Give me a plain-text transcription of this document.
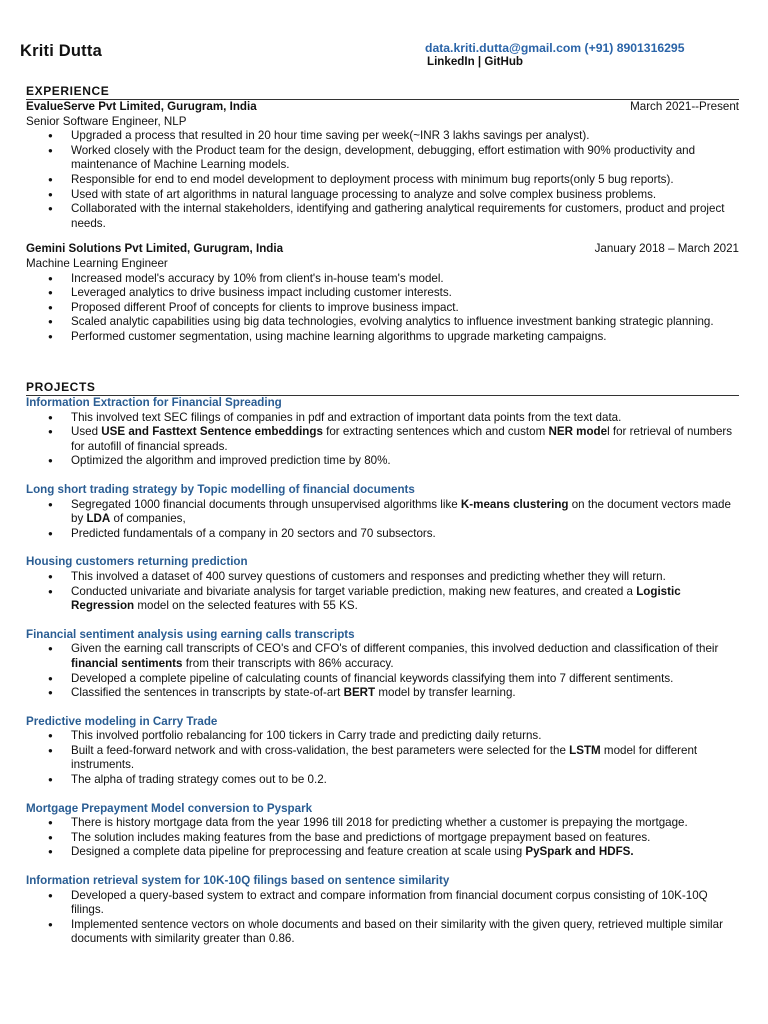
Kriti Dutta	data.kriti.dutta@gmail.com (+91) 8901316295
LinkedIn | GitHub
EXPERIENCE
EvalueServe Pvt Limited, Gurugram, India	March 2021--Present
Senior Software Engineer, NLP
● Upgraded a process that resulted in 20 hour time saving per week(~INR 3 lakhs savings per analyst).
● Worked closely with the Product team for the design, development, debugging, effort estimation with 90% productivity and maintenance of Machine Learning models.
● Responsible for end to end model development to deployment process with minimum bug reports(only 5 bug reports).
● Used with state of art algorithms in natural language processing to analyze and solve complex business problems.
● Collaborated with the internal stakeholders, identifying and gathering analytical requirements for customers, product and project needs.
Gemini Solutions Pvt Limited, Gurugram, India	January 2018 – March 2021
Machine Learning Engineer
● Increased model's accuracy by 10% from client's in-house team's model.
● Leveraged analytics to drive business impact including customer interests.
● Proposed different Proof of concepts for clients to improve business impact.
● Scaled analytic capabilities using big data technologies, evolving analytics to influence investment banking strategic planning.
● Performed customer segmentation, using machine learning algorithms to upgrade marketing campaigns.
PROJECTS
Information Extraction for Financial Spreading
● This involved text SEC filings of companies in pdf and extraction of important data points from the text data.
● Used USE and Fasttext Sentence embeddings for extracting sentences which and custom NER model for retrieval of numbers for autofill of financial spreads.
● Optimized the algorithm and improved prediction time by 80%.
Long short trading strategy by Topic modelling of financial documents
● Segregated 1000 financial documents through unsupervised algorithms like K-means clustering on the document vectors made by LDA of companies,
● Predicted fundamentals of a company in 20 sectors and 70 subsectors.
Housing customers returning prediction
● This involved a dataset of 400 survey questions of customers and responses and predicting whether they will return.
● Conducted univariate and bivariate analysis for target variable prediction, making new features, and created a Logistic Regression model on the selected features with 55 KS.
Financial sentiment analysis using earning calls transcripts
● Given the earning call transcripts of CEO's and CFO's of different companies, this involved deduction and classification of their financial sentiments from their transcripts with 86% accuracy.
● Developed a complete pipeline of calculating counts of financial keywords classifying them into 7 different sentiments.
● Classified the sentences in transcripts by state-of-art BERT model by transfer learning.
Predictive modeling in Carry Trade
● This involved portfolio rebalancing for 100 tickers in Carry trade and predicting daily returns.
● Built a feed-forward network and with cross-validation, the best parameters were selected for the LSTM model for different instruments.
● The alpha of trading strategy comes out to be 0.2.
Mortgage Prepayment Model conversion to Pyspark
● There is history mortgage data from the year 1996 till 2018 for predicting whether a customer is prepaying the mortgage.
● The solution includes making features from the base and predictions of mortgage prepayment based on features.
● Designed a complete data pipeline for preprocessing and feature creation at scale using PySpark and HDFS.
Information retrieval system for 10K-10Q filings based on sentence similarity
● Developed a query-based system to extract and compare information from financial document corpus consisting of 10K-10Q filings.
● Implemented sentence vectors on whole documents and based on their similarity with the given query, retrieved multiple similar documents with similarity greater than 0.86.
